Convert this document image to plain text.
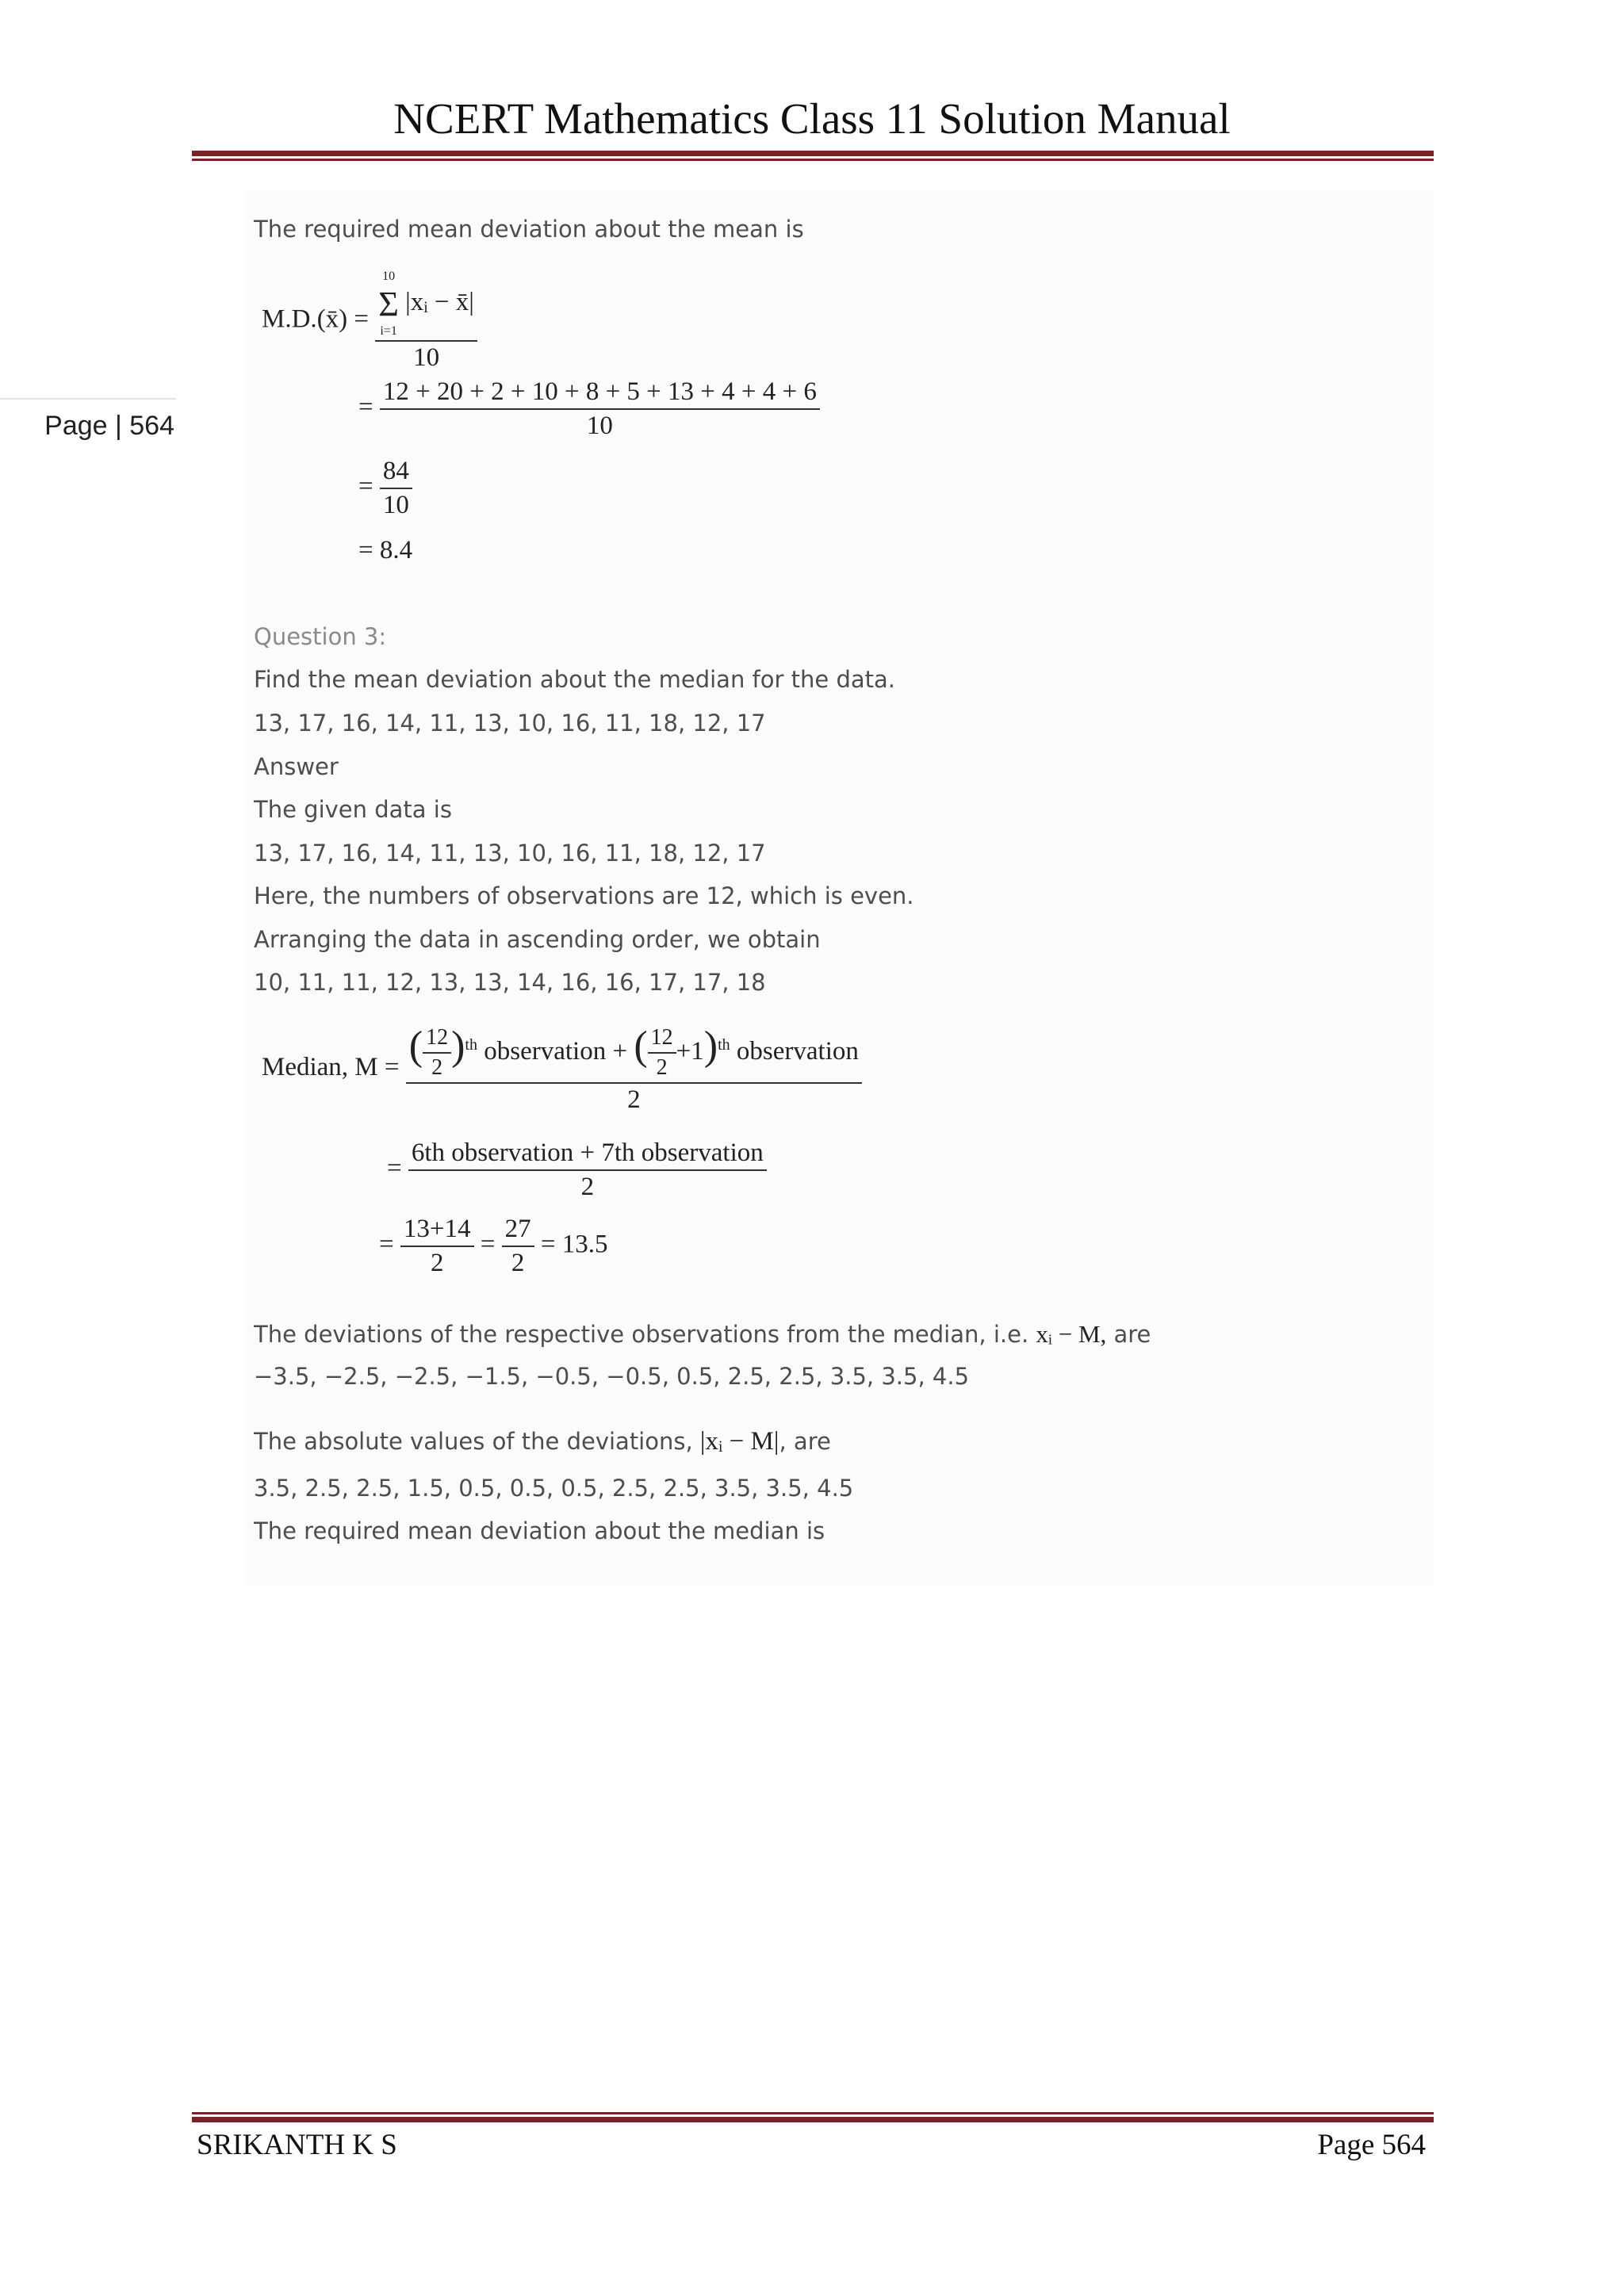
NCERT Mathematics Class 11 Solution Manual
Page | 564
The required mean deviation about the mean is
M.D.(x̄) = 10
Σ
i=1
|xᵢ − x̄|
10
= $\frac{12 + 20 + 2 + 10 + 8 + 5 + 13 + 4 + 4 + 6}{10}$
= $\frac{84}{10}$
= 8.4
Question 3:
Find the mean deviation about the median for the data.
13, 17, 16, 14, 11, 13, 10, 16, 11, 18, 12, 17
Answer
The given data is
13, 17, 16, 14, 11, 13, 10, 16, 11, 18, 12, 17
Here, the numbers of observations are 12, which is even.
Arranging the data in ascending order, we obtain
10, 11, 11, 12, 13, 13, 14, 16, 16, 17, 17, 18
Median, M = ( $\frac{12}{2} )^{th}$ observation + ( $\frac{12}{2} +1)^{th}$ observation
2
= $\frac{\text{6th observation + 7th observation}}{2}$
= $\frac{13+14}{2} = \frac{27}{2} = 13.5$
The deviations of the respective observations from the median, i.e. xᵢ − M, are
−3.5, −2.5, −2.5, −1.5, −0.5, −0.5, 0.5, 2.5, 2.5, 3.5, 3.5, 4.5
The absolute values of the deviations, |xᵢ − M|, are
3.5, 2.5, 2.5, 1.5, 0.5, 0.5, 0.5, 2.5, 2.5, 3.5, 3.5, 4.5
The required mean deviation about the median is
SRIKANTH K S	Page 564
